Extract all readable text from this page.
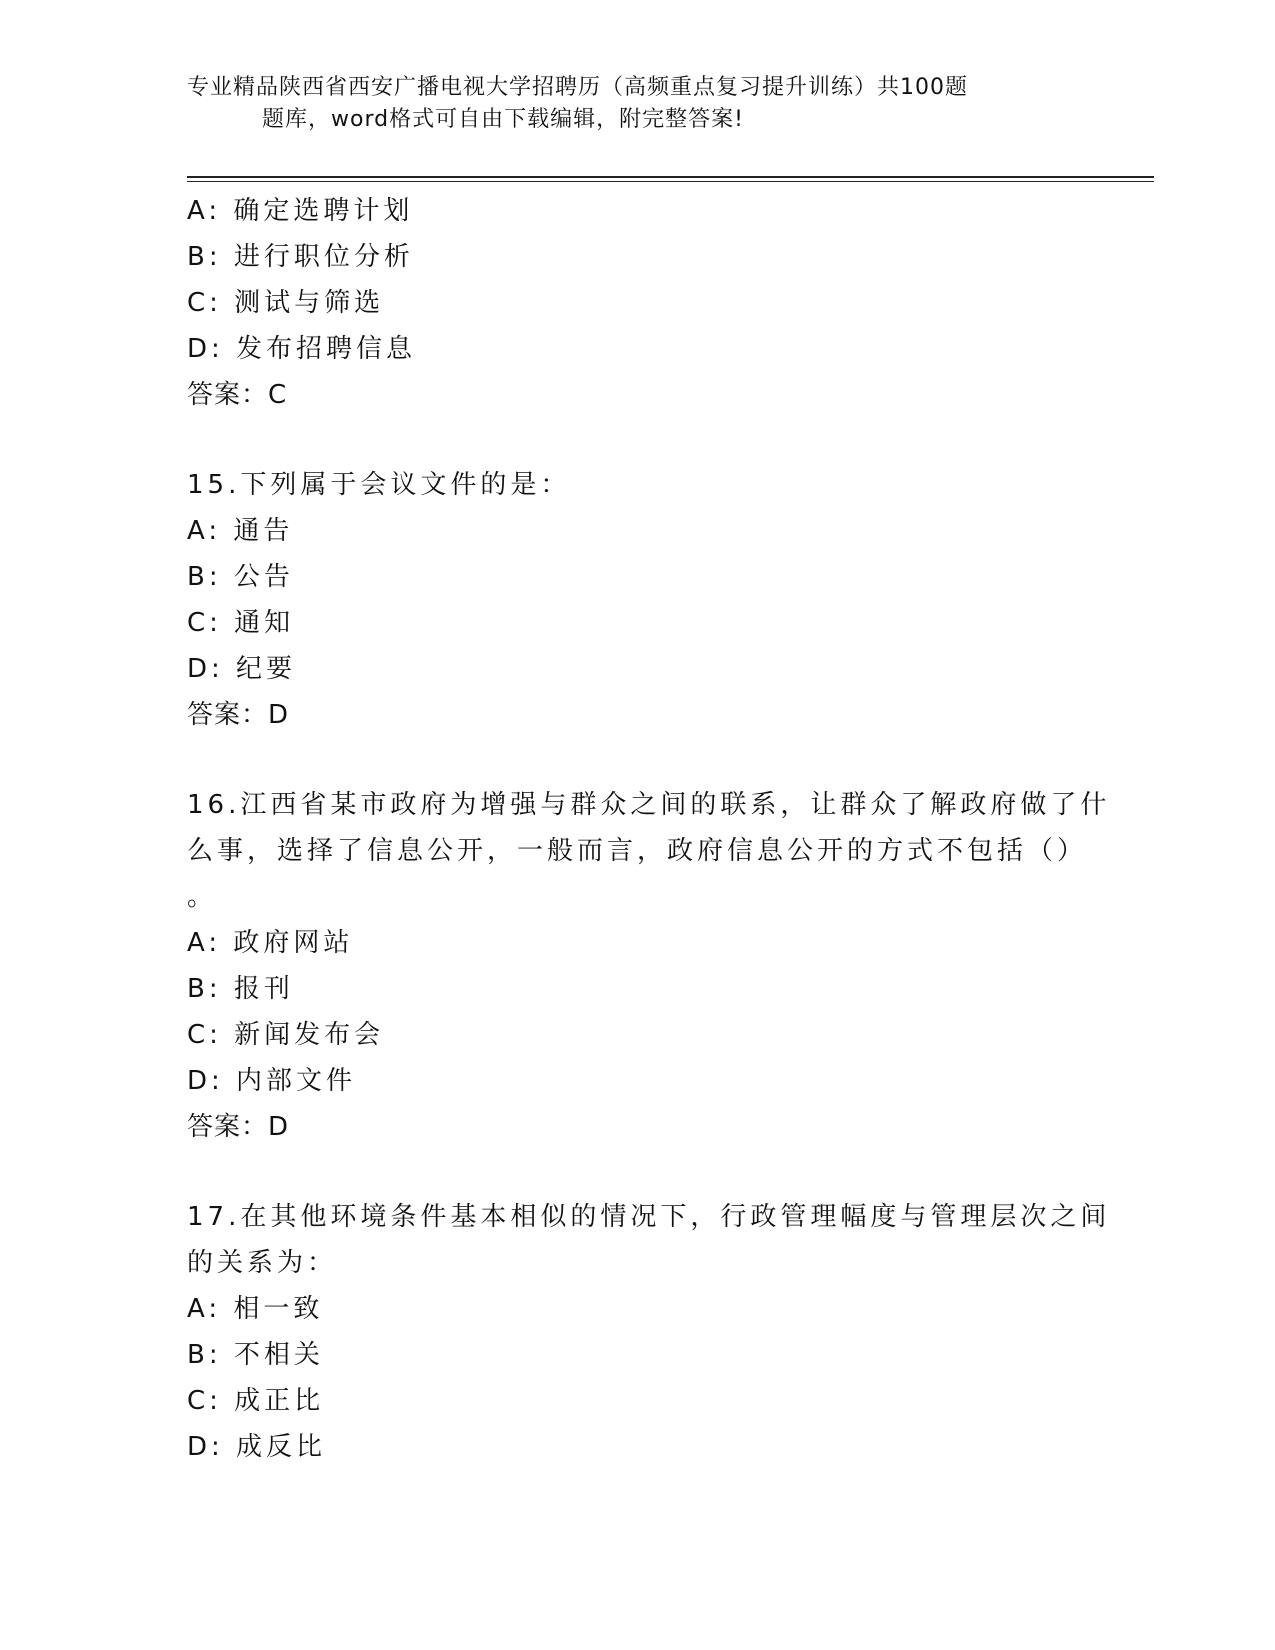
专业精品陕西省西安广播电视大学招聘历（高频重点复习提升训练）共100题
题库，word格式可自由下载编辑，附完整答案!
A: 确定选聘计划
B: 进行职位分析
C: 测试与筛选
D: 发布招聘信息
答案：C
15.下列属于会议文件的是：
A: 通告
B: 公告
C: 通知
D: 纪要
答案：D
16.江西省某市政府为增强与群众之间的联系，让群众了解政府做了什
么事，选择了信息公开，一般而言，政府信息公开的方式不包括（）
。
A: 政府网站
B: 报刊
C: 新闻发布会
D: 内部文件
答案：D
17.在其他环境条件基本相似的情况下，行政管理幅度与管理层次之间
的关系为：
A: 相一致
B: 不相关
C: 成正比
D: 成反比
